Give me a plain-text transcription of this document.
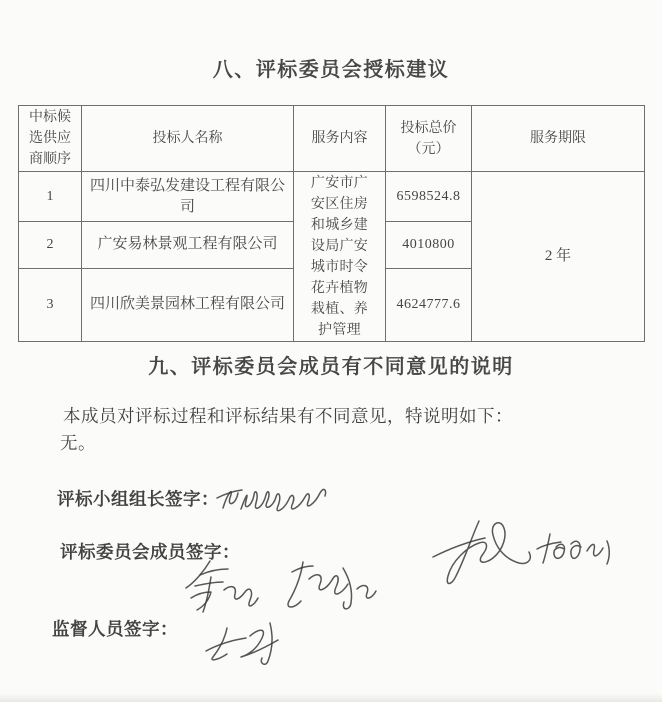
八、评标委员会授标建议
中标候选供应商顺序	投标人名称	服务内容	投标总价（元）	服务期限
1	四川中泰弘发建设工程有限公司	广安市广安区住房和城乡建设局广安城市时令花卉植物栽植、养护管理	6598524.8	2 年
2	广安易林景观工程有限公司		4010800	
3	四川欣美景园林工程有限公司		4624777.6	
九、评标委员会成员有不同意见的说明
本成员对评标过程和评标结果有不同意见，特说明如下：
无。
评标小组组长签字：
评标委员会成员签字：
监督人员签字：
